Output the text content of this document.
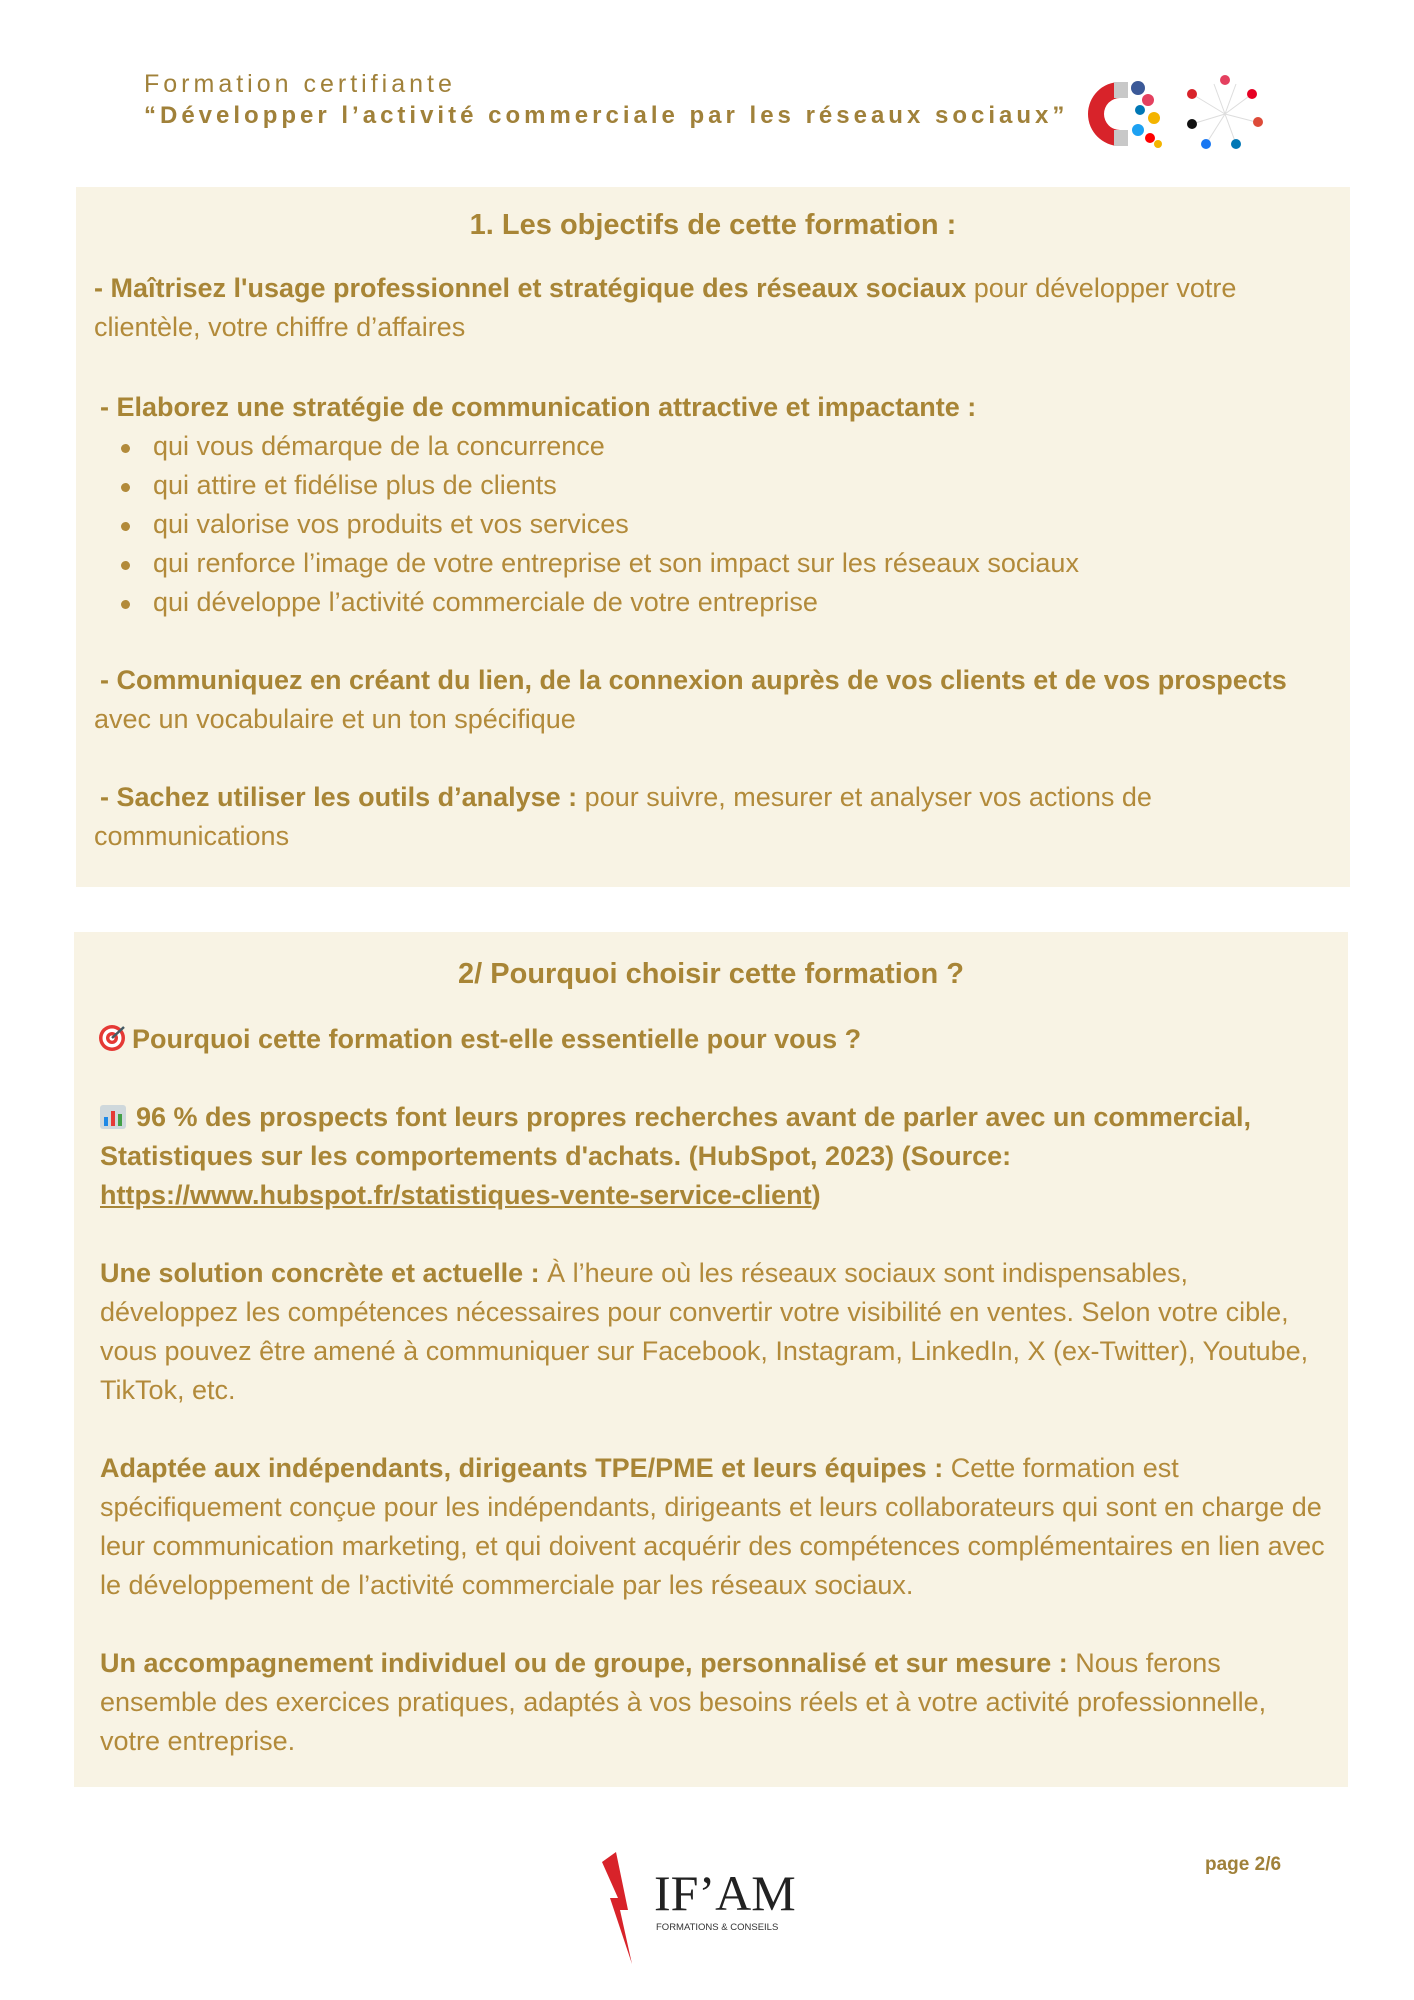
Formation certifiante
“Développer l’activité commerciale par les réseaux sociaux”
1. Les objectifs de cette formation :
- Maîtrisez l'usage professionnel et stratégique des réseaux sociaux pour développer votre clientèle, votre chiffre d’affaires
- Elaborez une stratégie de communication attractive et impactante :
qui vous démarque de la concurrence
qui attire et fidélise plus de clients
qui valorise vos produits et vos services
qui renforce l’image de votre entreprise et son impact sur les réseaux sociaux
qui développe l’activité commerciale de votre entreprise
- Communiquez en créant du lien, de la connexion auprès de vos clients et de vos prospects
avec un vocabulaire et un ton spécifique
- Sachez utiliser les outils d’analyse : pour suivre, mesurer et analyser vos actions de communications
2/ Pourquoi choisir cette formation ?
Pourquoi cette formation est-elle essentielle pour vous ?
96 % des prospects font leurs propres recherches avant de parler avec un commercial, Statistiques sur les comportements d'achats. (HubSpot, 2023) (Source: https://www.hubspot.fr/statistiques-vente-service-client)
Une solution concrète et actuelle : À l’heure où les réseaux sociaux sont indispensables, développez les compétences nécessaires pour convertir votre visibilité en ventes. Selon votre cible, vous pouvez être amené à communiquer sur Facebook, Instagram, LinkedIn, X (ex-Twitter), Youtube, TikTok, etc.
Adaptée aux indépendants, dirigeants TPE/PME et leurs équipes : Cette formation est spécifiquement conçue pour les indépendants, dirigeants et leurs collaborateurs qui sont en charge de leur communication marketing, et qui doivent acquérir des compétences complémentaires en lien avec le développement de l’activité commerciale par les réseaux sociaux.
Un accompagnement individuel ou de groupe, personnalisé et sur mesure : Nous ferons ensemble des exercices pratiques, adaptés à vos besoins réels et à votre activité professionnelle, votre entreprise.
page 2/6
IF’AM
FORMATIONS & CONSEILS
